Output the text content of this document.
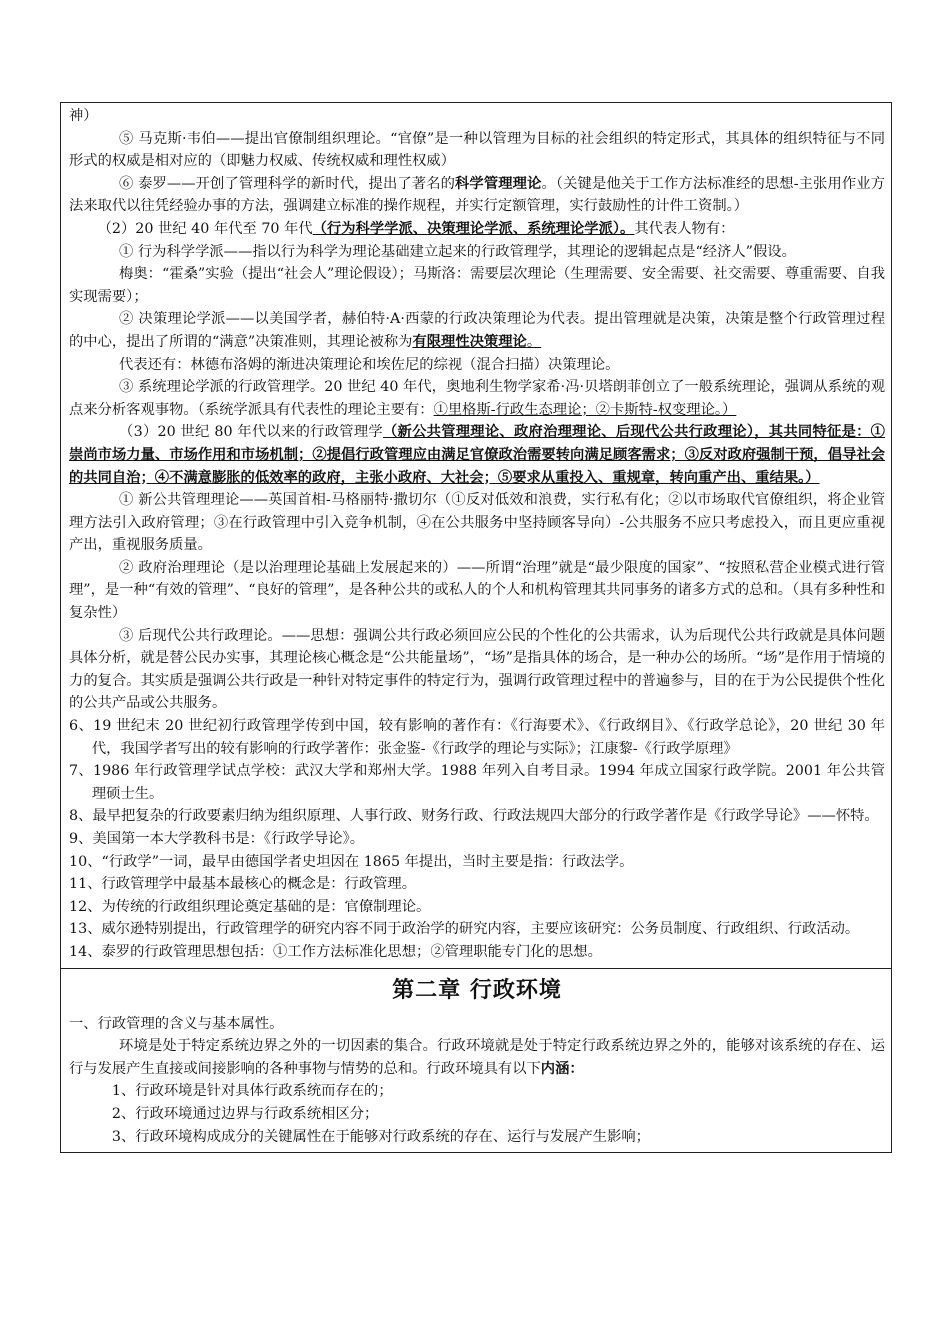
神）

⑤ 马克斯·韦伯——提出官僚制组织理论。“官僚”是一种以管理为目标的社会组织的特定形式，其具体的组织特征与不同形式的权威是相对应的（即魅力权威、传统权威和理性权威）

⑥ 泰罗——开创了管理科学的新时代，提出了著名的科学管理理论。（关键是他关于工作方法标准经的思想-主张用作业方法来取代以往凭经验办事的方法，强调建立标准的操作规程，并实行定额管理，实行鼓励性的计件工资制。）

（2）20 世纪 40 年代至 70 年代（行为科学学派、决策理论学派、系统理论学派）。其代表人物有：

① 行为科学学派——指以行为科学为理论基础建立起来的行政管理学，其理论的逻辑起点是“经济人”假设。

梅奥：“霍桑”实验（提出“社会人”理论假设）；马斯洛：需要层次理论（生理需要、安全需要、社交需要、尊重需要、自我实现需要）；

② 决策理论学派——以美国学者，赫伯特·A·西蒙的行政决策理论为代表。提出管理就是决策，决策是整个行政管理过程的中心，提出了所谓的“满意”决策准则，其理论被称为有限理性决策理论。

代表还有：林德布洛姆的渐进决策理论和埃佐尼的综视（混合扫描）决策理论。

③ 系统理论学派的行政管理学。20 世纪 40 年代，奥地利生物学家希·冯·贝塔朗菲创立了一般系统理论，强调从系统的观点来分析客观事物。（系统学派具有代表性的理论主要有：①里格斯-行政生态理论；②卡斯特-权变理论。）

（3）20 世纪 80 年代以来的行政管理学（新公共管理理论、政府治理理论、后现代公共行政理论），其共同特征是：①崇尚市场力量、市场作用和市场机制；②提倡行政管理应由满足官僚政治需要转向满足顾客需求；③反对政府强制干预，倡导社会的共同自治；④不满意膨胀的低效率的政府，主张小政府、大社会；⑤要求从重投入、重规章，转向重产出、重结果。）

① 新公共管理理论——英国首相-马格丽特·撒切尔（①反对低效和浪费，实行私有化；②以市场取代官僚组织，将企业管理方法引入政府管理；③在行政管理中引入竞争机制，④在公共服务中坚持顾客导向）-公共服务不应只考虑投入，而且更应重视产出，重视服务质量。

② 政府治理理论（是以治理理论基础上发展起来的）——所谓“治理”就是“最少限度的国家”、“按照私营企业模式进行管理”，是一种“有效的管理”、“良好的管理”，是各种公共的或私人的个人和机构管理其共同事务的诸多方式的总和。（具有多种性和复杂性）

③ 后现代公共行政理论。——思想：强调公共行政必须回应公民的个性化的公共需求，认为后现代公共行政就是具体问题具体分析，就是替公民办实事，其理论核心概念是“公共能量场”，“场”是指具体的场合，是一种办公的场所。“场”是作用于情境的力的复合。其实质是强调公共行政是一种针对特定事件的特定行为，强调行政管理过程中的普遍参与，目的在于为公民提供个性化的公共产品或公共服务。

6、19 世纪末 20 世纪初行政管理学传到中国，较有影响的著作有：《行海要术》、《行政纲目》、《行政学总论》，20 世纪 30 年代，我国学者写出的较有影响的行政学著作：张金鉴-《行政学的理论与实际》；江康黎-《行政学原理》

7、1986 年行政管理学试点学校：武汉大学和郑州大学。1988 年列入自考目录。1994 年成立国家行政学院。2001 年公共管理硕士生。

8、最早把复杂的行政要素归纳为组织原理、人事行政、财务行政、行政法规四大部分的行政学著作是《行政学导论》——怀特。

9、美国第一本大学教科书是：《行政学导论》。

10、“行政学”一词，最早由德国学者史坦因在 1865 年提出，当时主要是指：行政法学。

11、行政管理学中最基本最核心的概念是：行政管理。

12、为传统的行政组织理论奠定基础的是：官僚制理论。

13、威尔逊特别提出，行政管理学的研究内容不同于政治学的研究内容，主要应该研究：公务员制度、行政组织、行政活动。

14、泰罗的行政管理思想包括：①工作方法标准化思想；②管理职能专门化的思想。

第二章 行政环境

一、行政管理的含义与基本属性。

环境是处于特定系统边界之外的一切因素的集合。行政环境就是处于特定行政系统边界之外的，能够对该系统的存在、运行与发展产生直接或间接影响的各种事物与情势的总和。行政环境具有以下内涵：

1、行政环境是针对具体行政系统而存在的；

2、行政环境通过边界与行政系统相区分；

3、行政环境构成成分的关键属性在于能够对行政系统的存在、运行与发展产生影响；
